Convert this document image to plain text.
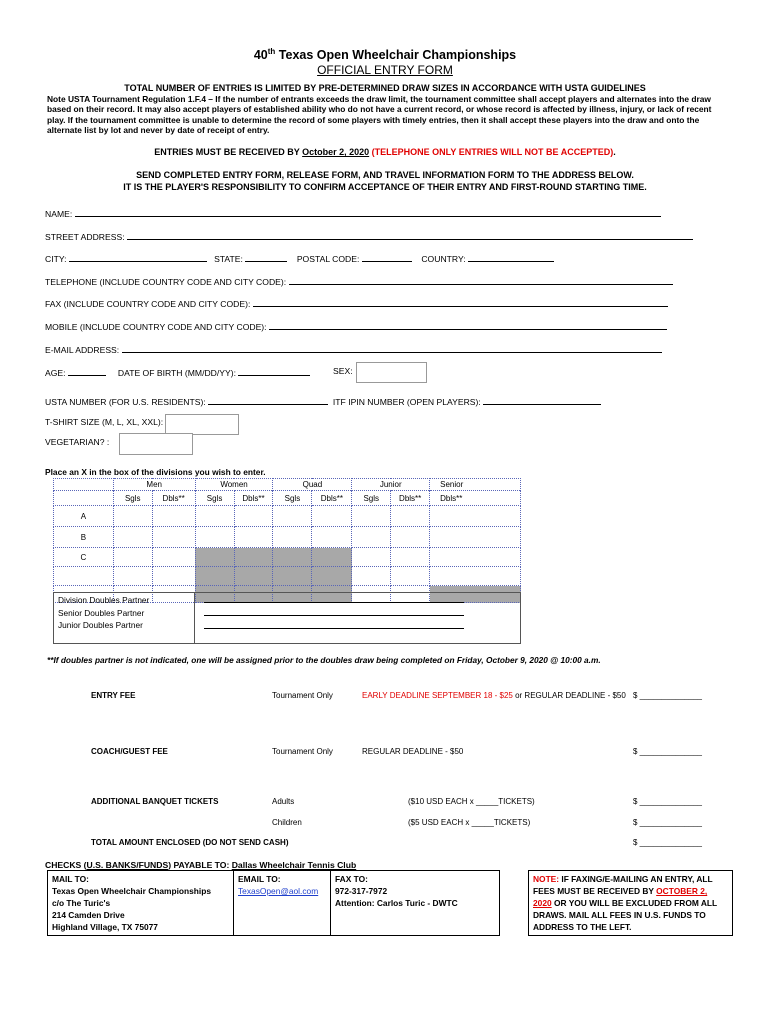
40th Texas Open Wheelchair Championships
OFFICIAL ENTRY FORM
TOTAL NUMBER OF ENTRIES IS LIMITED BY PRE-DETERMINED DRAW SIZES IN ACCORDANCE WITH USTA GUIDELINES
Note USTA Tournament Regulation 1.F.4 – If the number of entrants exceeds the draw limit, the tournament committee shall accept players and alternates into the draw based on their record. It may also accept players of established ability who do not have a current record, or whose record is affected by illness, injury, or lack of recent play. If the tournament committee is unable to determine the record of some players with timely entries, then it shall accept these players into the draw and onto the alternate list by lot and never by date of receipt of entry.
ENTRIES MUST BE RECEIVED BY October 2, 2020 (TELEPHONE ONLY ENTRIES WILL NOT BE ACCEPTED).
SEND COMPLETED ENTRY FORM, RELEASE FORM, AND TRAVEL INFORMATION FORM TO THE ADDRESS BELOW.
IT IS THE PLAYER'S RESPONSIBILITY TO CONFIRM ACCEPTANCE OF THEIR ENTRY AND FIRST-ROUND STARTING TIME.
NAME:
STREET ADDRESS:
CITY:	STATE:	POSTAL CODE:	COUNTRY:
TELEPHONE (INCLUDE COUNTRY CODE AND CITY CODE):
FAX (INCLUDE COUNTRY CODE AND CITY CODE):
MOBILE (INCLUDE COUNTRY CODE AND CITY CODE):
E-MAIL ADDRESS:
AGE:	DATE OF BIRTH (MM/DD/YY):	SEX:
USTA NUMBER (FOR U.S. RESIDENTS):	ITF IPIN NUMBER (OPEN PLAYERS):
T-SHIRT SIZE (M, L, XL, XXL):
VEGETARIAN? :
Place an X in the box of the divisions you wish to enter.
	Men		Women		Quad		Junior		Senior
	Sgls	Dbls**	Sgls	Dbls**	Sgls	Dbls**	Sgls	Dbls**	Dbls**
A									
B									
C									

Division Doubles Partner
Senior Doubles Partner
Junior Doubles Partner
**If doubles partner is not indicated, one will be assigned prior to the doubles draw being completed on Friday, October 9, 2020 @ 10:00 a.m.
ENTRY FEE	Tournament Only	EARLY DEADLINE SEPTEMBER 18 - $25 or REGULAR DEADLINE - $50 $ ______________
COACH/GUEST FEE	Tournament Only	REGULAR DEADLINE - $50	$ ______________
ADDITIONAL BANQUET TICKETS	Adults	($10 USD EACH x _____TICKETS)	$ ______________
Children	($5 USD EACH x _____TICKETS)	$ ______________
TOTAL AMOUNT ENCLOSED (DO NOT SEND CASH)	$ ______________
CHECKS (U.S. BANKS/FUNDS) PAYABLE TO: Dallas Wheelchair Tennis Club
MAIL TO:
Texas Open Wheelchair Championships
c/o The Turic's
214 Camden Drive
Highland Village, TX 75077

EMAIL TO:
TexasOpen@aol.com

FAX TO:
972-317-7972
Attention: Carlos Turic - DWTC
		NOTE: IF FAXING/E-MAILING AN ENTRY, ALL FEES MUST BE RECEIVED BY OCTOBER 2, 2020 OR YOU WILL BE EXCLUDED FROM ALL DRAWS. MAIL ALL FEES IN U.S. FUNDS TO ADDRESS TO THE LEFT.
